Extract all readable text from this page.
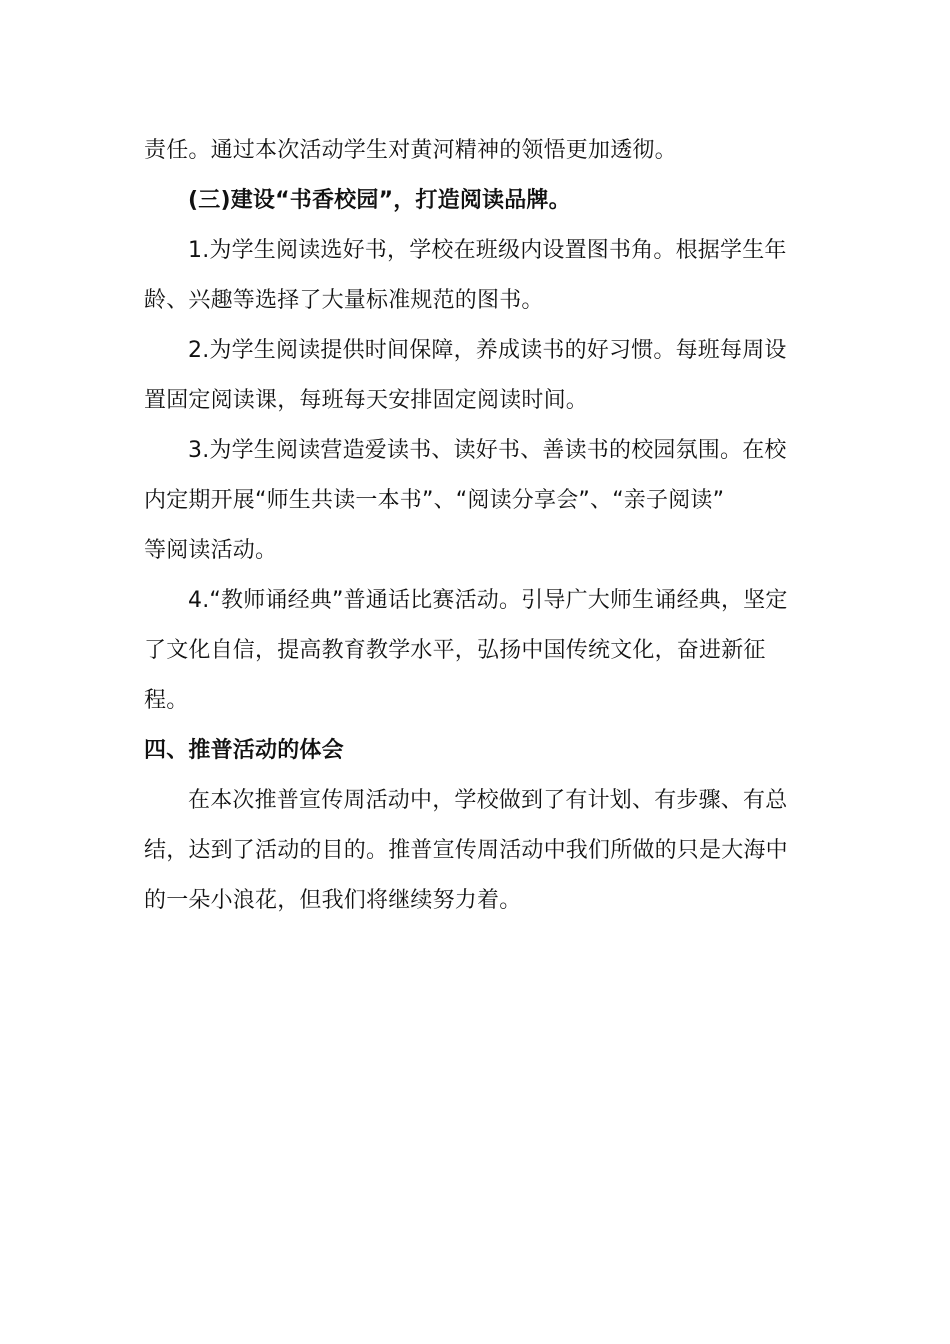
责任。通过本次活动学生对黄河精神的领悟更加透彻。
(三)建设“书香校园”，打造阅读品牌。
1.为学生阅读选好书，学校在班级内设置图书角。根据学生年
龄、兴趣等选择了大量标准规范的图书。
2.为学生阅读提供时间保障，养成读书的好习惯。每班每周设
置固定阅读课，每班每天安排固定阅读时间。
3.为学生阅读营造爱读书、读好书、善读书的校园氛围。在校
内定期开展“师生共读一本书”、“阅读分享会”、“亲子阅读”
等阅读活动。
4.“教师诵经典”普通话比赛活动。引导广大师生诵经典，坚定
了文化自信，提高教育教学水平，弘扬中国传统文化，奋进新征
程。
四、推普活动的体会
在本次推普宣传周活动中，学校做到了有计划、有步骤、有总
结，达到了活动的目的。推普宣传周活动中我们所做的只是大海中
的一朵小浪花，但我们将继续努力着。
